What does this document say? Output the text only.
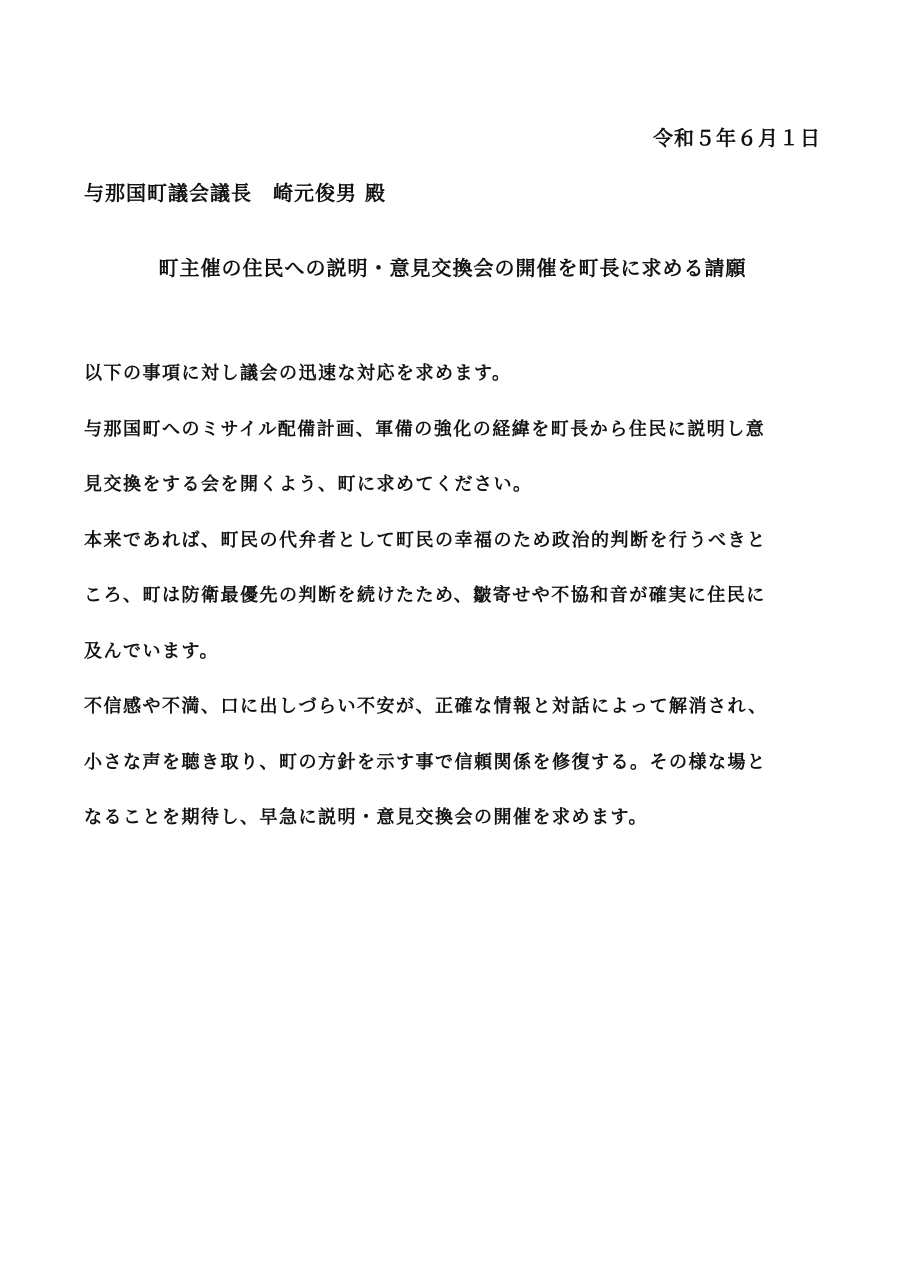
令和５年６月１日
与那国町議会議長　崎元俊男 殿
町主催の住民への説明・意見交換会の開催を町長に求める請願
以下の事項に対し議会の迅速な対応を求めます。
与那国町へのミサイル配備計画、軍備の強化の経緯を町長から住民に説明し意
見交換をする会を開くよう、町に求めてください。
本来であれば、町民の代弁者として町民の幸福のため政治的判断を行うべきと
ころ、町は防衛最優先の判断を続けたため、皺寄せや不協和音が確実に住民に
及んでいます。
不信感や不満、口に出しづらい不安が、正確な情報と対話によって解消され、
小さな声を聴き取り、町の方針を示す事で信頼関係を修復する。その様な場と
なることを期待し、早急に説明・意見交換会の開催を求めます。
